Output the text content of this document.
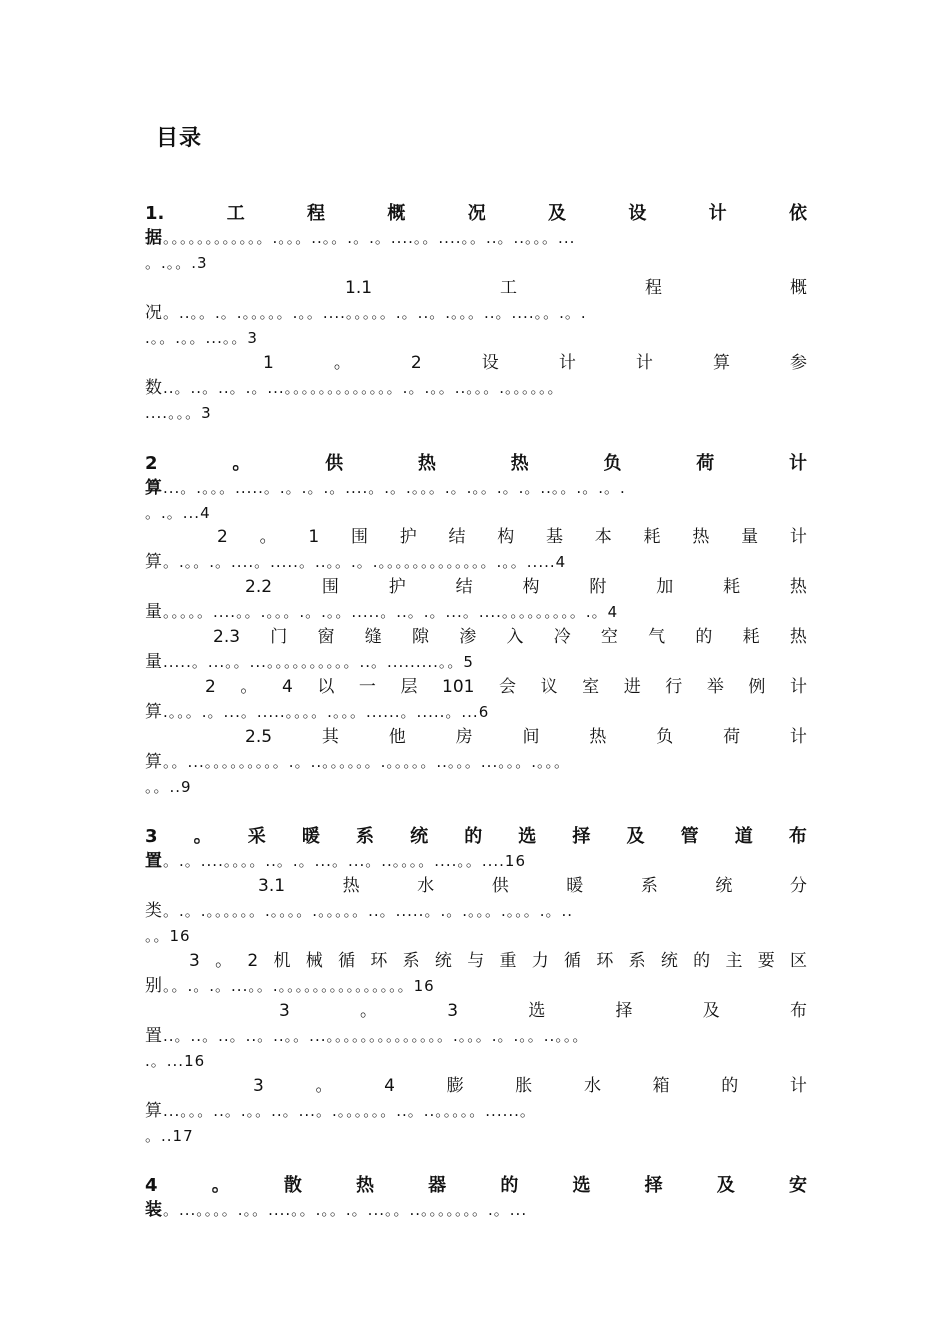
目录
1.	工	程	概	况	及	设	计	依
据。。。。。。。。。。。。.。。。..。。.。.。....。。....。。..。..。。。...
。.。。.3
1.1	工	程	概
况。..。。.。.。。。。。.。。....。。。。。.。..。.。。。..。....。。.。.
.。。.。。...。。3
1	。	2	设	计	计	算	参
数..。..。..。.。...。。。。。。。。。。。。。.。.。。..。。。.。。。。。。
....。。。3
2	。	供	热	热	负	荷	计
算...。.。。。.....。.。.。.。....。.。.。。。.。.。。.。.。..。。.。.。.
。.。...4
2 。 1 围 护 结 构 基 本 耗 热 量 计
算。.。。.。....。.....。..。。.。.。。。。。。。。。。。。。.。。.....4
2.2	围	护	结	构	附	加	耗	热
量。。。。。....。。.。。。.。.。。.....。..。.。...。....。。。。。。。。。.。4
2.3 门 窗 缝 隙 渗 入 冷 空 气 的 耗 热
量.....。...。。...。。。。。。。。。。..。.........。。5
2 。 4 以 一 层 101 会 议 室 进 行 举 例 计
算.。。。.。...。.....。。。。.。。。......。.....。...6
2.5	其	他	房	间	热	负	荷	计
算。。...。。。。。。。。。.。..。。。。。。.。。。。。..。。。...。。。.。。。
。。..9
3 。 采 暖 系 统 的 选 择 及 管 道 布
置。.。....。。。。..。.。...。...。..。。。。....。。....16
3.1	热	水	供	暖	系	统	分
类。.。.。。。。。。.。。。。.。。。。。..。.....。.。.。。。.。。。.。..
。。16
3 。 2 机 械 循 环 系 统 与 重 力 循 环 系 统 的 主 要 区
别。。.。.。...。。.。。。。。。。。。。。。。。。16
3	。	3	选	择	及	布
置..。..。..。..。..。。...。。。。。。。。。。。。。。.。。。.。.。。..。。。
.。...16
3	。	4	膨	胀	水	箱	的	计
算...。。。..。.。。..。...。.。。。。。。..。..。。。。。......。
。..17
4	。	散	热	器	的	选	择	及	安
装。...。。。。.。。....。。.。。.。...。。..。。。。。。。.。...
